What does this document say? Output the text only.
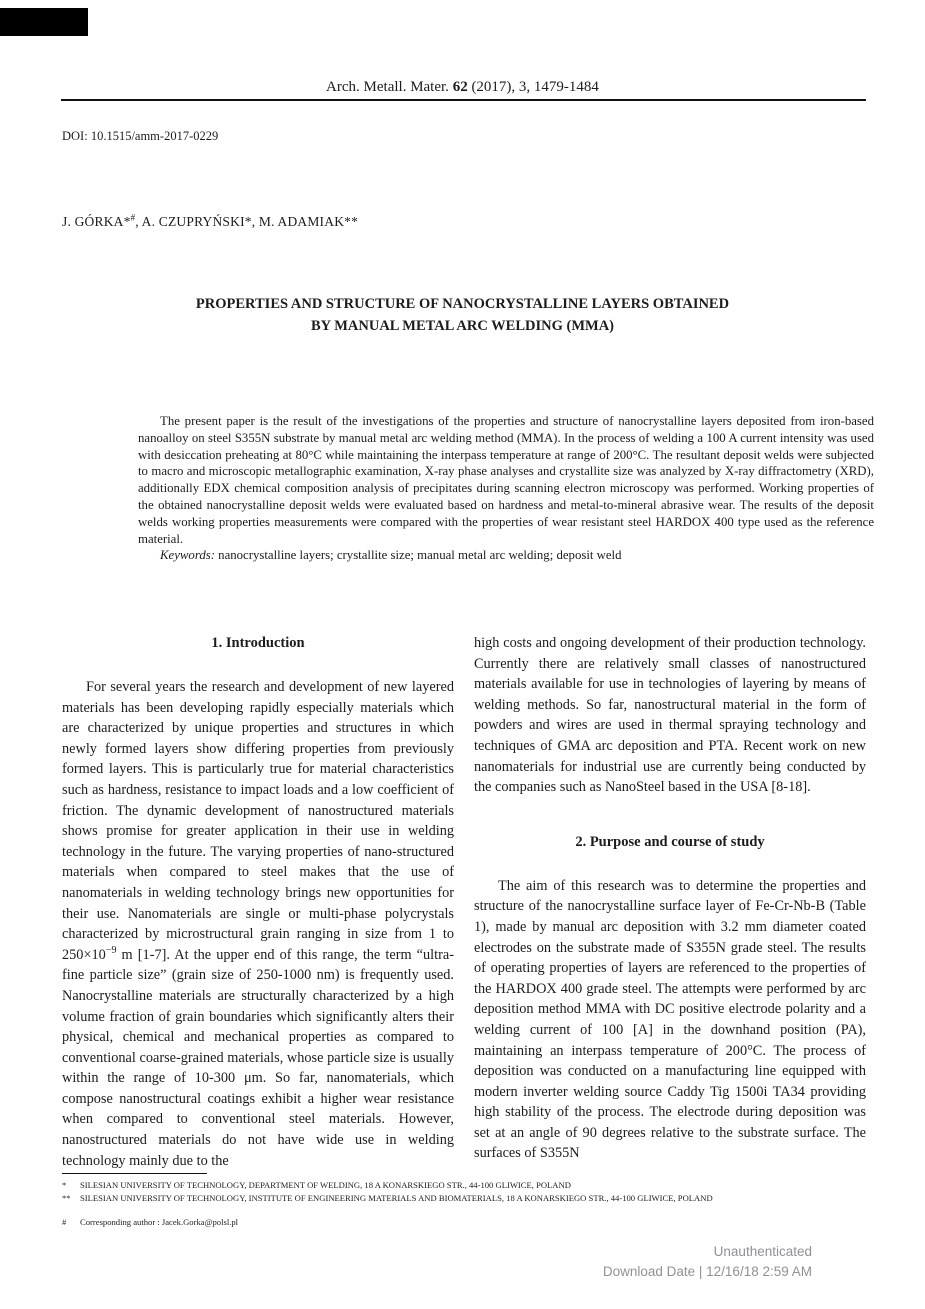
Arch. Metall. Mater. 62 (2017), 3, 1479-1484
DOI: 10.1515/amm-2017-0229
J. GÓRKA*#, A. CZUPRYŃSKI*, M. ADAMIAK**
PROPERTIES AND STRUCTURE OF NANOCRYSTALLINE LAYERS OBTAINED
BY MANUAL METAL ARC WELDING (MMA)

The present paper is the result of the investigations of the properties and structure of nanocrystalline layers deposited from iron-based nanoalloy on steel S355N substrate by manual metal arc welding method (MMA). In the process of welding a 100 A current intensity was used with desiccation preheating at 80°C while maintaining the interpass temperature at range of 200°C. The resultant deposit welds were subjected to macro and microscopic metallographic examination, X-ray phase analyses and crystallite size was analyzed by X-ray diffractometry (XRD), additionally EDX chemical composition analysis of precipitates during scanning electron microscopy was performed. Working properties of the obtained nanocrystalline deposit welds were evaluated based on hardness and metal-to-mineral abrasive wear. The results of the deposit welds working properties measurements were compared with the properties of wear resistant steel HARDOX 400 type used as the reference material.

Keywords: nanocrystalline layers; crystallite size; manual metal arc welding; deposit weld

1. Introduction

For several years the research and development of new layered materials has been developing rapidly especially materials which are characterized by unique properties and structures in which newly formed layers show differing properties from previously formed layers. This is particularly true for material characteristics such as hardness, resistance to impact loads and a low coefficient of friction. The dynamic development of nanostructured materials shows promise for greater application in their use in welding technology in the future. The varying properties of nano-structured materials when compared to steel makes that the use of nanomaterials in welding technology brings new opportunities for their use. Nanomaterials are single or multi-phase polycrystals characterized by microstructural grain ranging in size from 1 to $250\times 10^{-9}$ m [1-7]. At the upper end of this range, the term “ultra-fine particle size” (grain size of 250-1000 nm) is frequently used. Nanocrystalline materials are structurally characterized by a high volume fraction of grain boundaries which significantly alters their physical, chemical and mechanical properties as compared to conventional coarse-grained materials, whose particle size is usually within the range of 10-300 μm. So far, nanomaterials, which compose nanostructural coatings exhibit a higher wear resistance when compared to conventional steel materials. However, nanostructured materials do not have wide use in welding technology mainly due to the

high costs and ongoing development of their production technology. Currently there are relatively small classes of nanostructured materials available for use in technologies of layering by means of welding methods. So far, nanostructural material in the form of powders and wires are used in thermal spraying technology and techniques of GMA arc deposition and PTA. Recent work on new nanomaterials for industrial use are currently being conducted by the companies such as NanoSteel based in the USA [8-18].

2. Purpose and course of study

The aim of this research was to determine the properties and structure of the nanocrystalline surface layer of Fe-Cr-Nb-B (Table 1), made by manual arc deposition with 3.2 mm diameter coated electrodes on the substrate made of S355N grade steel. The results of operating properties of layers are referenced to the properties of the HARDOX 400 grade steel. The attempts were performed by arc deposition method MMA with DC positive electrode polarity and a welding current of 100 [A] in the downhand position (PA), maintaining an interpass temperature of 200°C. The process of deposition was conducted on a manufacturing line equipped with modern inverter welding source Caddy Tig 1500i TA34 providing high stability of the process. The electrode during deposition was set at an angle of 90 degrees relative to the substrate surface. The surfaces of S355N

*	SILESIAN UNIVERSITY OF TECHNOLOGY, DEPARTMENT OF WELDING, 18 A KONARSKIEGO STR., 44-100 GLIWICE, POLAND
**	SILESIAN UNIVERSITY OF TECHNOLOGY, INSTITUTE OF ENGINEERING MATERIALS AND BIOMATERIALS, 18 A KONARSKIEGO STR., 44-100 GLIWICE, POLAND
#	Corresponding author : Jacek.Gorka@polsl.pl
Unauthenticated
Download Date | 12/16/18 2:59 AM
